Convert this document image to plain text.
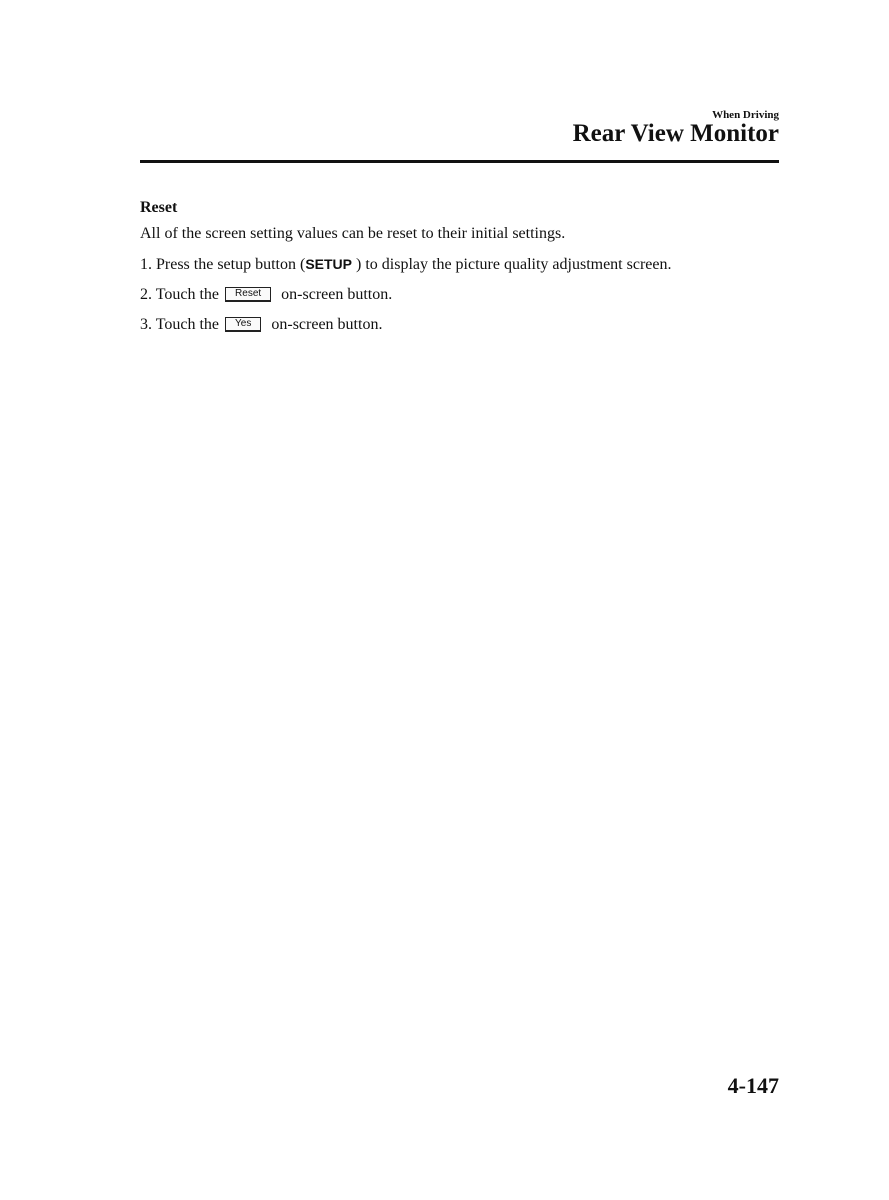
When Driving
Rear View Monitor
Reset

All of the screen setting values can be reset to their initial settings.

1. Press the setup button (SETUP ) to display the picture quality adjustment screen.
2. Touch the Reset on-screen button.
3. Touch the Yes on-screen button.
4-147
